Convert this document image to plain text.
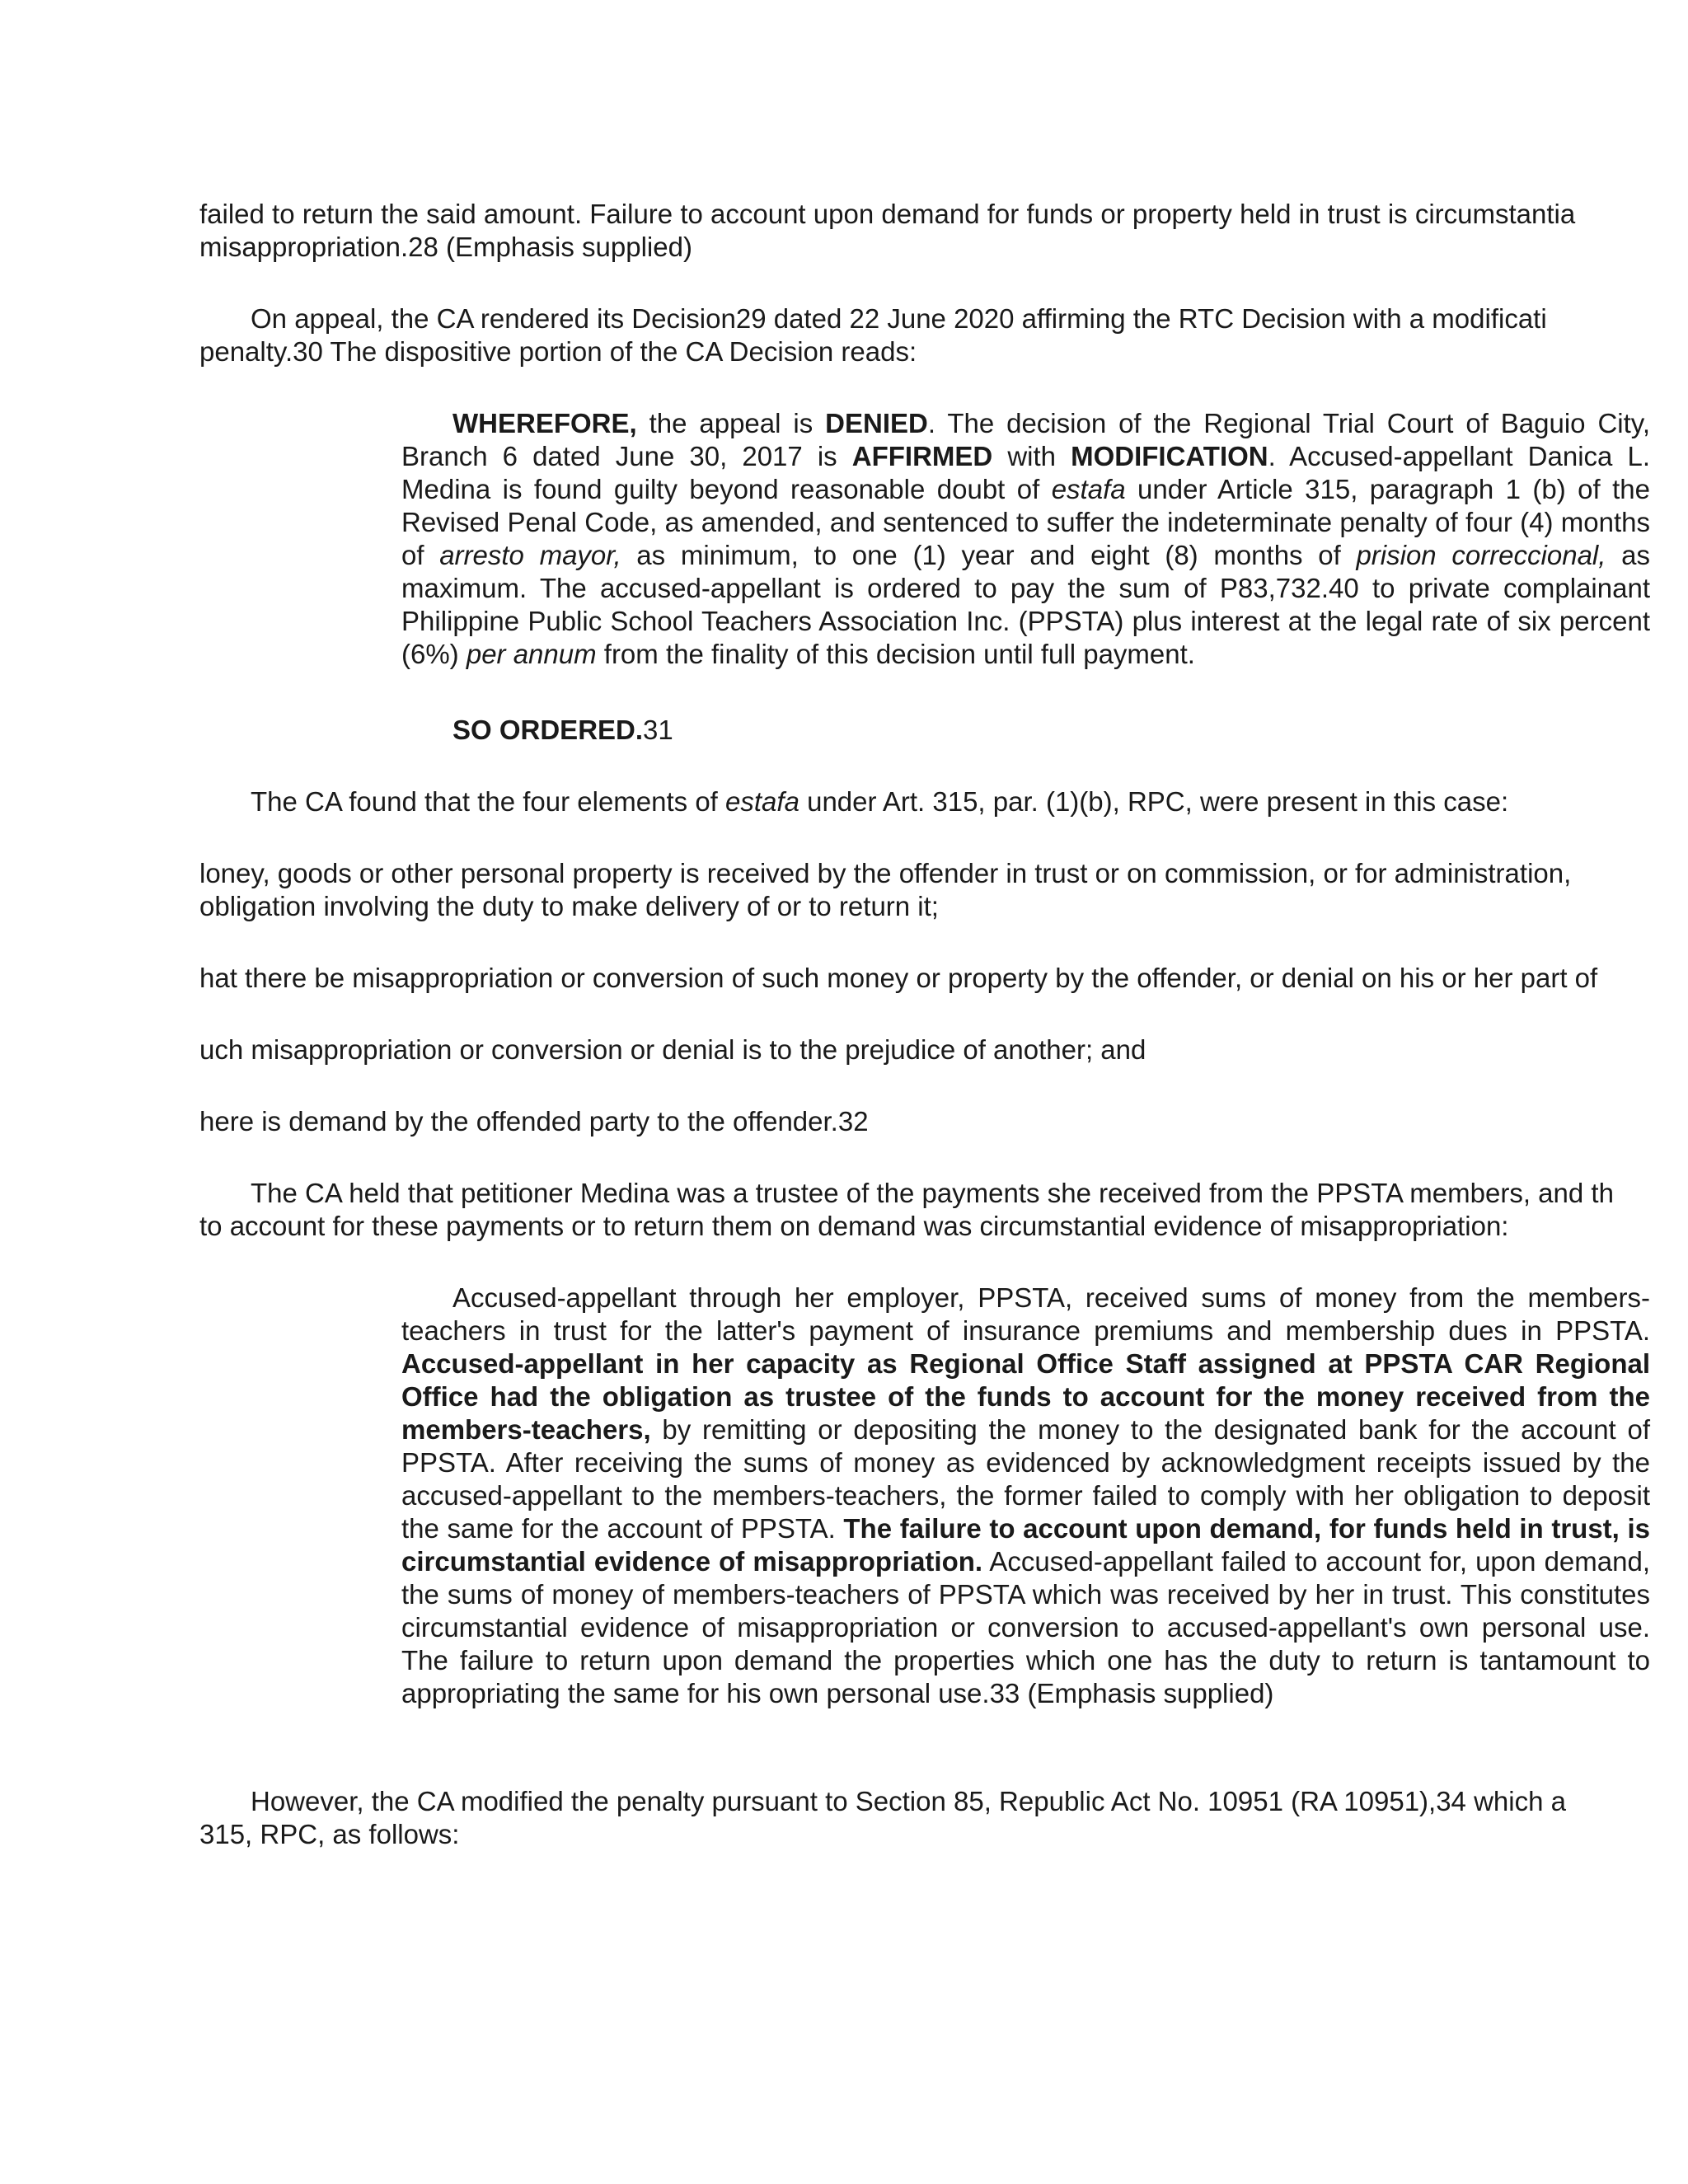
failed to return the said amount. Failure to account upon demand for funds or property held in trust is circumstantia

misappropriation.28 (Emphasis supplied)

On appeal, the CA rendered its Decision29 dated 22 June 2020 affirming the RTC Decision with a modificati

penalty.30 The dispositive portion of the CA Decision reads:

WHEREFORE, the appeal is DENIED. The decision of the Regional Trial Court of Baguio City, Branch 6 dated June 30, 2017 is AFFIRMED with MODIFICATION. Accused-appellant Danica L. Medina is found guilty beyond reasonable doubt of estafa under Article 315, paragraph 1 (b) of the Revised Penal Code, as amended, and sentenced to suffer the indeterminate penalty of four (4) months of arresto mayor, as minimum, to one (1) year and eight (8) months of prision correccional, as maximum. The accused-appellant is ordered to pay the sum of P83,732.40 to private complainant Philippine Public School Teachers Association Inc. (PPSTA) plus interest at the legal rate of six percent (6%) per annum from the finality of this decision until full payment.

SO ORDERED.31

The CA found that the four elements of estafa under Art. 315, par. (1)(b), RPC, were present in this case:

loney, goods or other personal property is received by the offender in trust or on commission, or for administration,

obligation involving the duty to make delivery of or to return it;

hat there be misappropriation or conversion of such money or property by the offender, or denial on his or her part of

uch misappropriation or conversion or denial is to the prejudice of another; and

here is demand by the offended party to the offender.32

The CA held that petitioner Medina was a trustee of the payments she received from the PPSTA members, and th

to account for these payments or to return them on demand was circumstantial evidence of misappropriation:

Accused-appellant through her employer, PPSTA, received sums of money from the members-teachers in trust for the latter's payment of insurance premiums and membership dues in PPSTA. Accused-appellant in her capacity as Regional Office Staff assigned at PPSTA CAR Regional Office had the obligation as trustee of the funds to account for the money received from the members-teachers, by remitting or depositing the money to the designated bank for the account of PPSTA. After receiving the sums of money as evidenced by acknowledgment receipts issued by the accused-appellant to the members-teachers, the former failed to comply with her obligation to deposit the same for the account of PPSTA. The failure to account upon demand, for funds held in trust, is circumstantial evidence of misappropriation. Accused-appellant failed to account for, upon demand, the sums of money of members-teachers of PPSTA which was received by her in trust. This constitutes circumstantial evidence of misappropriation or conversion to accused-appellant's own personal use. The failure to return upon demand the properties which one has the duty to return is tantamount to appropriating the same for his own personal use.33 (Emphasis supplied)

However, the CA modified the penalty pursuant to Section 85, Republic Act No. 10951 (RA 10951),34 which a

315, RPC, as follows:
